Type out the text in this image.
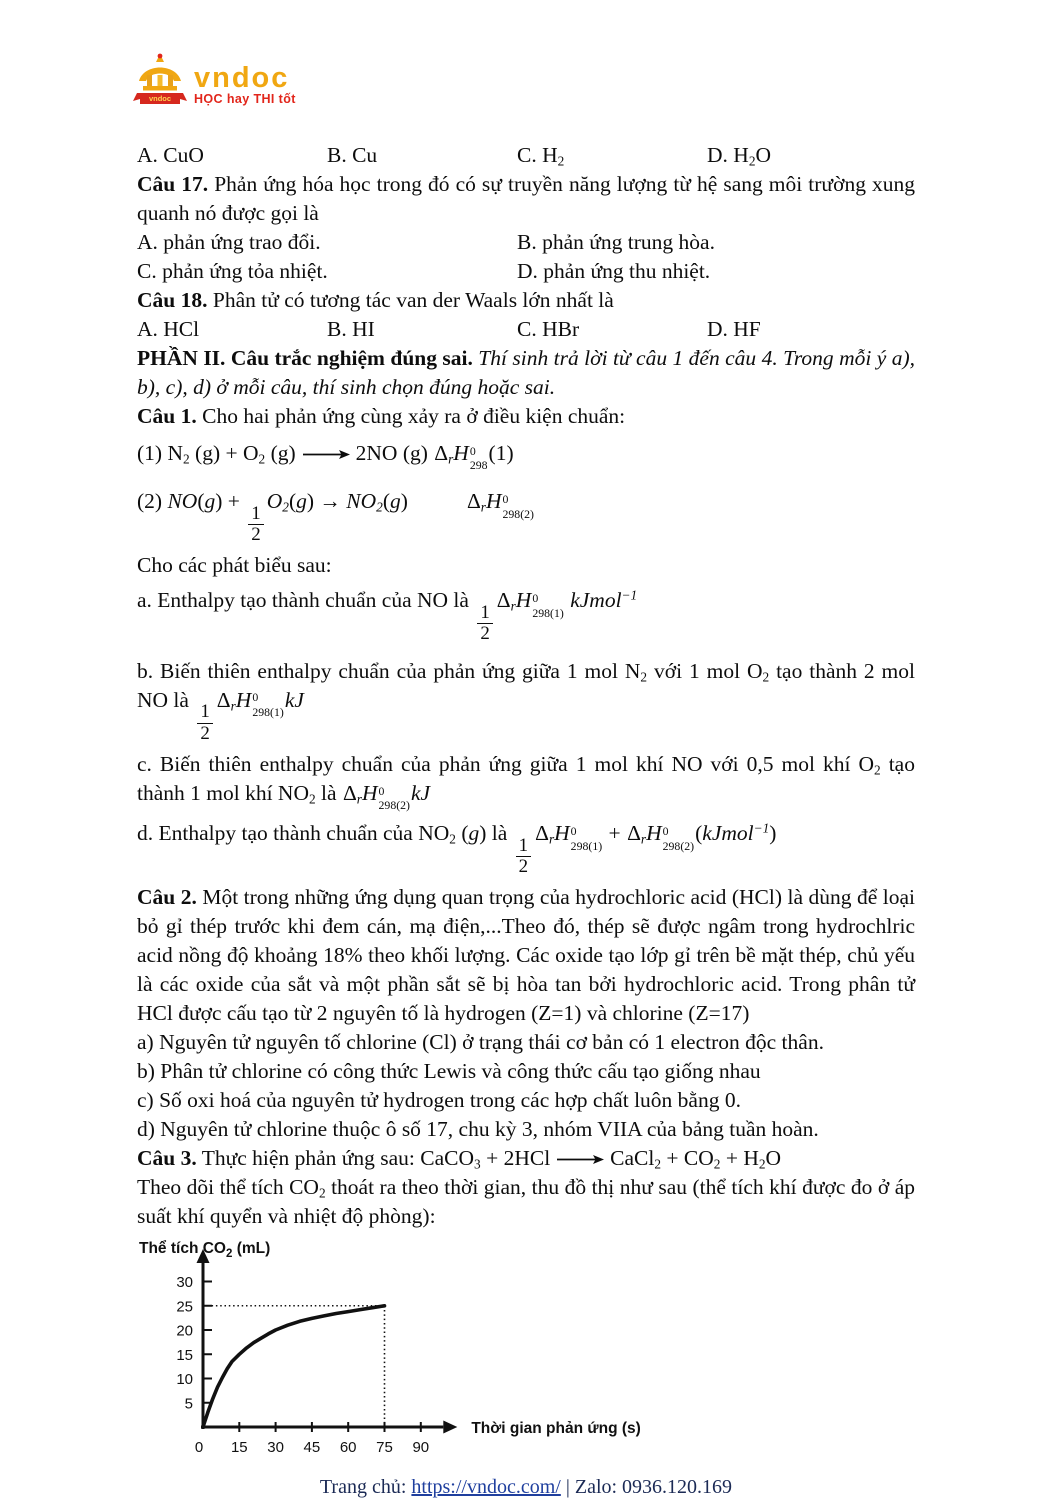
vndoc
vndoc
HỌC hay THI tốt

A. CuO	B. Cu	C. $H_2$	D. $H_2O$

Câu 17. Phản ứng hóa học trong đó có sự truyền năng lượng từ hệ sang môi trường xung quanh nó được gọi là

A. phản ứng trao đổi.	B. phản ứng trung hòa.

C. phản ứng tỏa nhiệt.	D. phản ứng thu nhiệt.

Câu 18. Phân tử có tương tác van der Waals lớn nhất là

A. HCl	B. HI	C. HBr	D. HF

PHẦN II. Câu trắc nghiệm đúng sai. Thí sinh trả lời từ câu 1 đến câu 4. Trong mỗi ý a), b), c), d) ở mỗi câu, thí sinh chọn đúng hoặc sai.

Câu 1. Cho hai phản ứng cùng xảy ra ở điều kiện chuẩn:

(1) $N_2$ $(g) + O_2$ (g)	2NO (g) $\Delta_rH$ 0
298
(1)

(2) NO(g) +
$\frac{1}{2}$
$O_2(g) \to NO_2(g)$	$\Delta_rH$ 0
298(2)

Cho các phát biểu sau:

a. Enthalpy tạo thành chuẩn của NO là
$\frac{1}{2}$
$\Delta_rH$ 0
298(1)
kJmol$^{-1}$

b. Biến thiên enthalpy chuẩn của phản ứng giữa 1 mol $N_2$ với 1 mol $O_2$ tạo thành 2 mol NO là
$\frac{1}{2}$
$\Delta_rH$ 0
298(1)
kJ

c. Biến thiên enthalpy chuẩn của phản ứng giữa 1 mol khí NO với 0,5 mol khí $O_2$ tạo thành 1 mol khí $NO_2$ là $\Delta_rH$ 0
298(2)
kJ

d. Enthalpy tạo thành chuẩn của $NO_2$ (g) là
$\frac{1}{2}$
$\Delta_rH$ 0
298(1)
+ $\Delta_rH$ 0
298(2)
(kJmol$^{-1}$)

Câu 2. Một trong những ứng dụng quan trọng của hydrochloric acid (HCl) là dùng để loại bỏ gỉ thép trước khi đem cán, mạ điện,...Theo đó, thép sẽ được ngâm trong hydrochlric acid nồng độ khoảng 18% theo khối lượng. Các oxide tạo lớp gỉ trên bề mặt thép, chủ yếu là các oxide của sắt và một phần sắt sẽ bị hòa tan bởi hydrochloric acid. Trong phân tử HCl được cấu tạo từ 2 nguyên tố là hydrogen (Z=1) và chlorine (Z=17)

a) Nguyên tử nguyên tố chlorine (Cl) ở trạng thái cơ bản có 1 electron độc thân.

b) Phân tử chlorine có công thức Lewis và công thức cấu tạo giống nhau

c) Số oxi hoá của nguyên tử hydrogen trong các hợp chất luôn bằng 0.

d) Nguyên tử chlorine thuộc ô số 17, chu kỳ 3, nhóm VIIA của bảng tuần hoàn.

Câu 3. Thực hiện phản ứng sau: CaCO$_3$ + 2HCl	CaCl$_2$ + $CO_2 + H_2O$

Theo dõi thể tích $CO_2$ thoát ra theo thời gian, thu đồ thị như sau (thể tích khí được đo ở áp suất khí quyển và nhiệt độ phòng):

0 15 30 45 60 75 90
5
10
15
20
25
30
Thời gian phản ứng (s)
Thể tích $CO_2$ (mL)
Trang chủ: https://vndoc.com/ | Zalo: 0936.120.169
